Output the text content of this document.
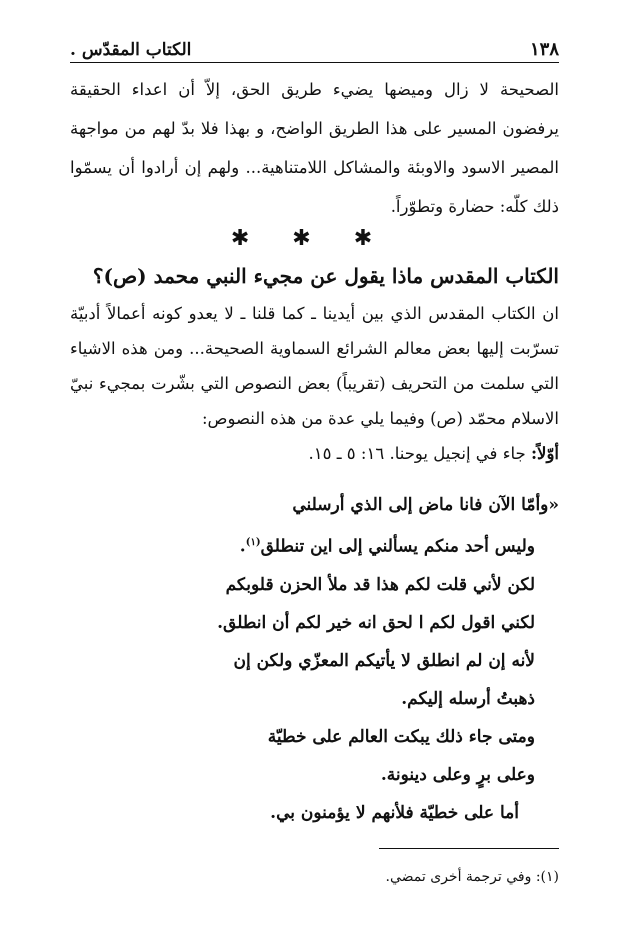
١٣٨
الكتاب المقدّس .

الصحيحة لا زال وميضها يضيء طريق الحق، إلاّ أن اعداء الحقيقة يرفضون المسير على هذا الطريق الواضح، و بهذا فلا بدّ لهم من مواجهة المصير الاسود والاوبئة والمشاكل اللامتناهية... ولهم إن أرادوا أن يسمّوا ذلك كلّه: حضارة وتطوّراً.

✱ ✱ ✱
الكتاب المقدس ماذا يقول عن مجيء النبي محمد (ص)؟

ان الكتاب المقدس الذي بين أيدينا ـ كما قلنا ـ لا يعدو كونه أعمالاً أدبيّة تسرّبت إليها بعض معالم الشرائع السماوية الصحيحة... ومن هذه الاشياء التي سلمت من التحريف (تقريباً) بعض النصوص التي بشّرت بمجيء نبيّ الاسلام محمّد (ص) وفيما يلي عدة من هذه النصوص:

أوّلاً: جاء في إنجيل يوحنا. ١٦: ٥ ـ ١٥.

«وأمّا الآن فانا ماض إلى الذي أرسلني

وليس أحد منكم يسألني إلى اين تنطلق$^{(١)}$.

لكن لأني قلت لكم هذا قد ملأ الحزن قلوبكم

لكني اقول لكم ا لحق انه خير لكم أن انطلق.

لأنه إن لم انطلق لا يأتيكم المعزّي ولكن إن

ذهبتُ أرسله إليكم.

ومتى جاء ذلك يبكت العالم على خطيّة

وعلى برٍ وعلى دينونة.

أما على خطيّة فلأنهم لا يؤمنون بي.

(١): وفي ترجمة أخرى تمضي.
